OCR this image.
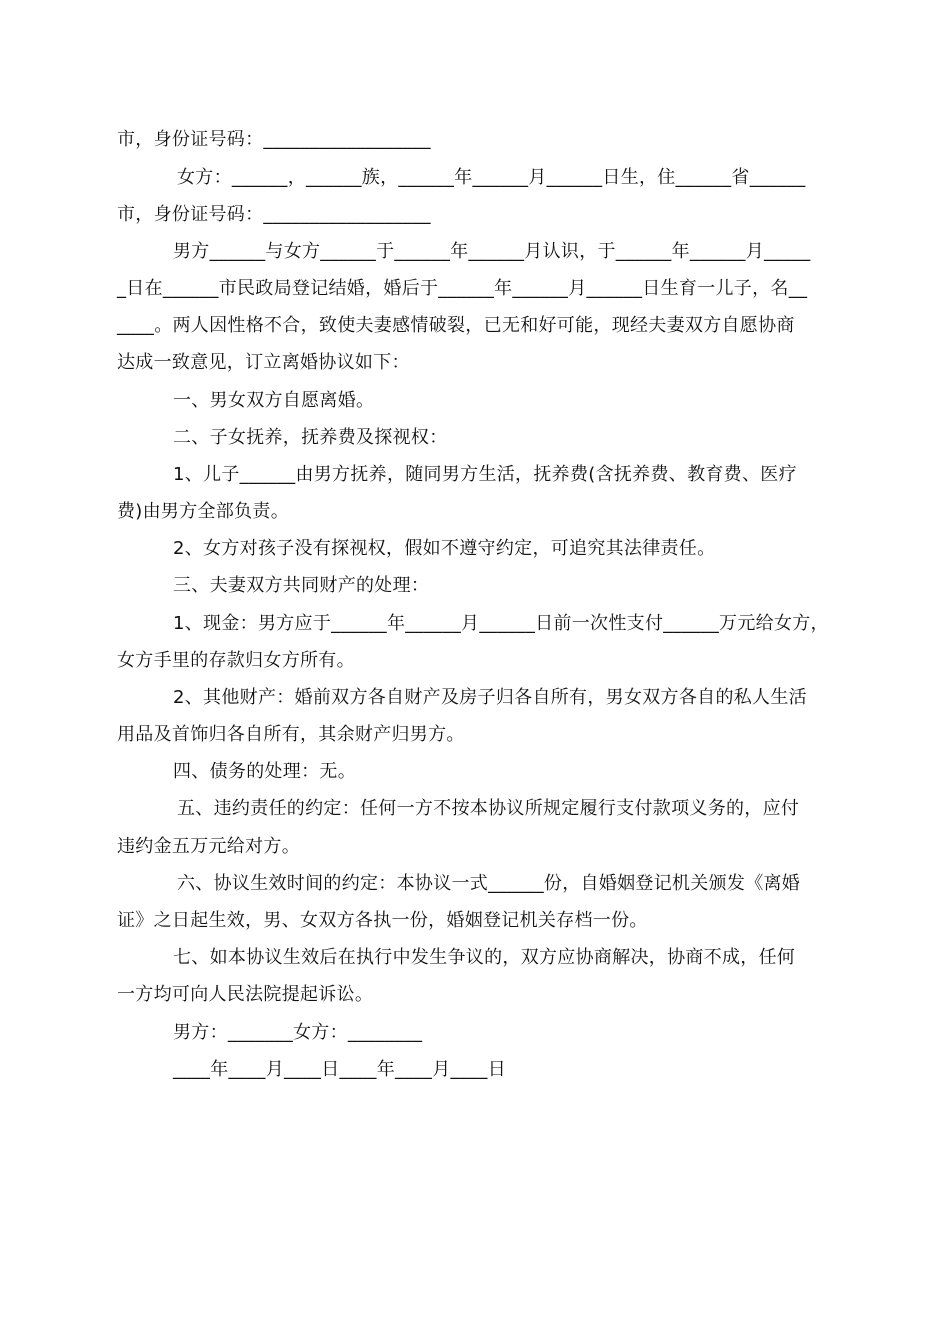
市，身份证号码：__________________
女方：______，______族，______年______月______日生，住______省______
市，身份证号码：__________________
男方______与女方______于______年______月认识，于______年______月_____
_日在______市民政局登记结婚，婚后于______年______月______日生育一儿子，名__
____。两人因性格不合，致使夫妻感情破裂，已无和好可能，现经夫妻双方自愿协商
达成一致意见，订立离婚协议如下：
一、男女双方自愿离婚。
二、子女抚养，抚养费及探视权：
1、儿子______由男方抚养，随同男方生活，抚养费(含抚养费、教育费、医疗
费)由男方全部负责。
2、女方对孩子没有探视权，假如不遵守约定，可追究其法律责任。
三、夫妻双方共同财产的处理：
1、现金：男方应于______年______月______日前一次性支付______万元给女方，
女方手里的存款归女方所有。
2、其他财产：婚前双方各自财产及房子归各自所有，男女双方各自的私人生活
用品及首饰归各自所有，其余财产归男方。
四、债务的处理：无。
五、违约责任的约定：任何一方不按本协议所规定履行支付款项义务的，应付
违约金五万元给对方。
六、协议生效时间的约定：本协议一式______份，自婚姻登记机关颁发《离婚
证》之日起生效，男、女双方各执一份，婚姻登记机关存档一份。
七、如本协议生效后在执行中发生争议的，双方应协商解决，协商不成，任何
一方均可向人民法院提起诉讼。
男方：_______女方：________
____年____月____日____年____月____日
